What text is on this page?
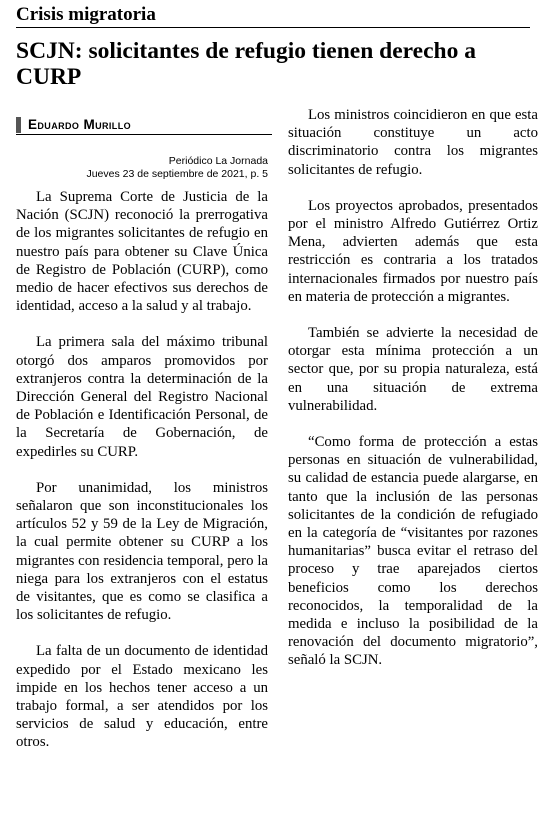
Crisis migratoria
SCJN: solicitantes de refugio tienen derecho a CURP
Eduardo Murillo
Periódico La Jornada
Jueves 23 de septiembre de 2021, p. 5

La Suprema Corte de Justicia de la Nación (SCJN) reconoció la prerrogativa de los migrantes solicitantes de refugio en nuestro país para obtener su Clave Única de Registro de Población (CURP), como medio de hacer efectivos sus derechos de identidad, acceso a la salud y al trabajo.

La primera sala del máximo tribunal otorgó dos amparos promovidos por extranjeros contra la determinación de la Dirección General del Registro Nacional de Población e Identificación Personal, de la Secretaría de Gobernación, de expedirles su CURP.

Por unanimidad, los ministros señalaron que son inconstitucionales los artículos 52 y 59 de la Ley de Migración, la cual permite obtener su CURP a los migrantes con residencia temporal, pero la niega para los extranjeros con el estatus de visitantes, que es como se clasifica a los solicitantes de refugio.

La falta de un documento de identidad expedido por el Estado mexicano les impide en los hechos tener acceso a un trabajo formal, a ser atendidos por los servicios de salud y educación, entre otros.

Los ministros coincidieron en que esta situación constituye un acto discriminatorio contra los migrantes solicitantes de refugio.

Los proyectos aprobados, presentados por el ministro Alfredo Gutiérrez Ortiz Mena, advierten además que esta restricción es contraria a los tratados internacionales firmados por nuestro país en materia de protección a migrantes.

También se advierte la necesidad de otorgar esta mínima protección a un sector que, por su propia naturaleza, está en una situación de extrema vulnerabilidad.

“Como forma de protección a estas personas en situación de vulnerabilidad, su calidad de estancia puede alargarse, en tanto que la inclusión de las personas solicitantes de la condición de refugiado en la categoría de “visitantes por razones humanitarias” busca evitar el retraso del proceso y trae aparejados ciertos beneficios como los derechos reconocidos, la temporalidad de la medida e incluso la posibilidad de la renovación del documento migratorio”, señaló la SCJN.
